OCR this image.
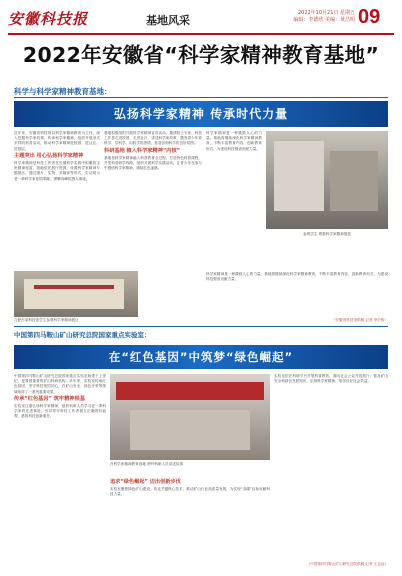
安徽科技报	基地风采
2022年10月21日 星期五
编辑：李德欣 美编：黄昌明 09
2022年安徽省“科学家精神教育基地”
科学与科学家精神教育基地：
弘扬科学家精神 传承时代力量

近年来，安徽省科技馆以科学家精神教育为主线，深入挖掘科学家故事，传承科学家精神，组织开展形式多样的科普活动，推动科学家精神进校园、进社区、进基层。

主题突出 用心弘扬科学家精神

科学家精神是科技工作者在长期科学实践中积累的宝贵精神财富。基地依托展厅资源，设置科学家精神专题展区，通过图片、实物、多媒体等形式，生动展示老一辈科学家爱国奉献、勇攀高峰的感人事迹。

合肥市某科技馆学生参观科学家精神展区

基地积极组织开展科学家精神宣讲活动，邀请院士专家、科技工作者走进校园、走进社区，讲述科学家故事，激发青少年爱科学、学科学、用科学的热情，营造崇尚科学的良好氛围。

科研基地 植入科学家精神“内核”

基地将科学家精神融入科普教育全过程，打造特色科普课程，开发科普研学线路，组织开展科学实践活动，让青少年在参与中感悟科学家精神，赓续红色血脉。

科学家精神是一种激励人心的力量。基地将继续深化科学家精神教育，不断丰富教育内容，创新教育形式，为建设科技强省贡献力量。

参观学生 观看科学家精神展览

科学家精神是一种激励人心的力量。基地将继续深化科学家精神教育，不断丰富教育内容，创新教育形式，为建设科技强省贡献力量。

（安徽省科技馆供稿 记者 李宏伟）
中国第四马鞍山矿山研究总院国家重点实验室：
在“红色基因”中筑梦“绿色崛起”

中国第四马鞍山矿山研究总院国家重点实验室始建于上世纪，是我国重要的矿山科研机构。多年来，实验室传承红色基因，坚守科技报国初心，在矿山安全、绿色开采等领域取得了一系列重要成果。

传承“红色基因” 筑牢精神根基

实验室注重弘扬科学家精神，组织科研人员学习老一辈科学家的先进事迹，引导青年科技工作者树立正确的价值观，勇担科技创新重任。

在科学家精神教育基地 聆听科研人员讲述故事
追求“绿色崛起” 迈出创新步伐

实验室聚焦绿色矿山建设，攻克关键核心技术，推动矿山行业高质量发展，为实现“双碳”目标贡献科技力量。

实验室依托科研平台开展科普教育，面向社会公众开放展厅，普及矿山安全和绿色发展知识，弘扬科学家精神，取得良好社会效益。

（中国第四马鞍山矿山研究总院供稿 记者 王志远）
